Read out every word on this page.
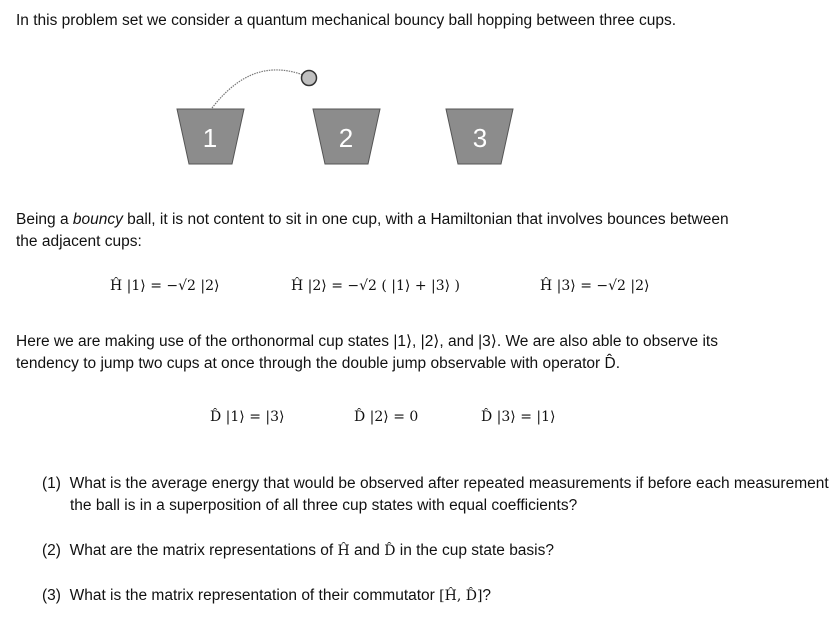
In this problem set we consider a quantum mechanical bouncy ball hopping between three cups.

1	2	3

Being a bouncy ball, it is not content to sit in one cup, with a Hamiltonian that involves bounces between the adjacent cups:

Ĥ |1⟩ = −√2 |2⟩	Ĥ |2⟩ = −√2 ( |1⟩ + |3⟩ )	Ĥ |3⟩ = −√2 |2⟩

Here we are making use of the orthonormal cup states |1⟩, |2⟩, and |3⟩. We are also able to observe its tendency to jump two cups at once through the double jump observable with operator D̂.

D̂ |1⟩ = |3⟩	D̂ |2⟩ = 0	D̂ |3⟩ = |1⟩

(1) What is the average energy that would be observed after repeated measurements if before each measurement the ball is in a superposition of all three cup states with equal coefficients?

(2) What are the matrix representations of Ĥ and D̂ in the cup state basis?

(3) What is the matrix representation of their commutator [Ĥ, D̂]?
